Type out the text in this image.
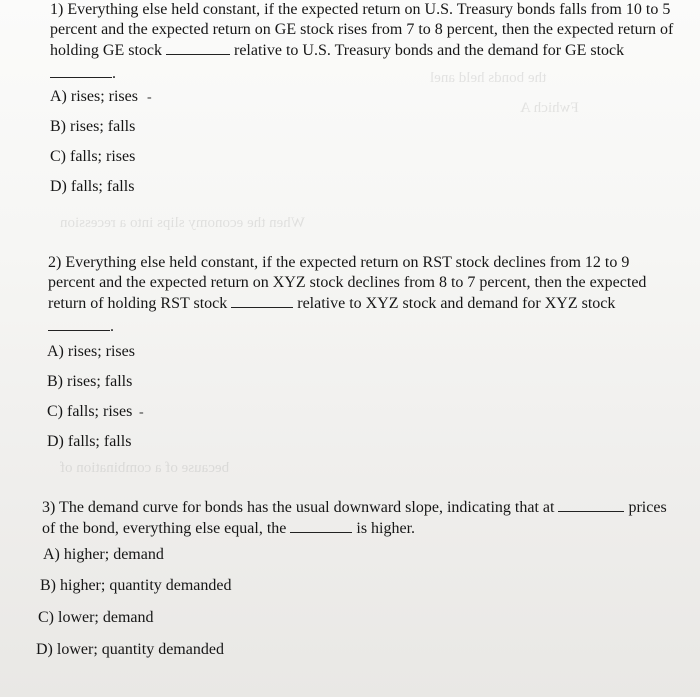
the bonds held anel
Fwhich A
When the economy slips into a recession
because of a combination of

1) Everything else held constant, if the expected return on U.S. Treasury bonds falls from 10 to 5

percent and the expected return on GE stock rises from 7 to 8 percent, then the expected return of

holding GE stock	relative to U.S. Treasury bonds and the demand for GE stock

.

A) rises; rises -
B) rises; falls
C) falls; rises
D) falls; falls

2) Everything else held constant, if the expected return on RST stock declines from 12 to 9

percent and the expected return on XYZ stock declines from 8 to 7 percent, then the expected

return of holding RST stock	relative to XYZ stock and demand for XYZ stock

.

A) rises; rises
B) rises; falls
C) falls; rises -
D) falls; falls

3) The demand curve for bonds has the usual downward slope, indicating that at	prices

of the bond, everything else equal, the	is higher.

A) higher; demand
B) higher; quantity demanded
C) lower; demand
D) lower; quantity demanded
